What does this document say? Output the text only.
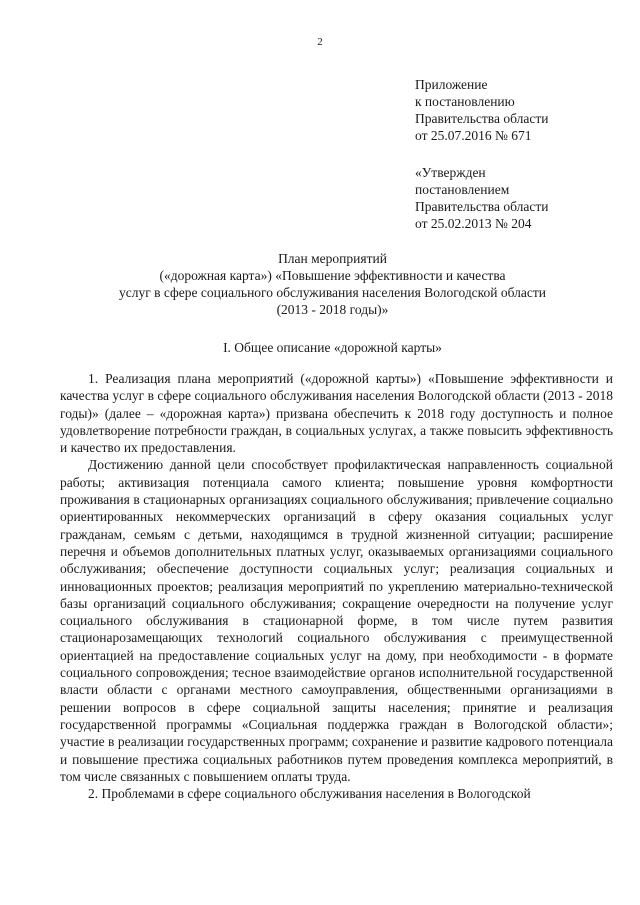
2
Приложение
к постановлению
Правительства области
от 25.07.2016 № 671
«Утвержден
постановлением
Правительства области
от 25.02.2013 № 204
План мероприятий
(«дорожная карта») «Повышение эффективности и качества
услуг в сфере социального обслуживания населения Вологодской области
(2013 - 2018 годы)»
I. Общее описание «дорожной карты»

1. Реализация плана мероприятий («дорожной карты») «Повышение эффективности и качества услуг в сфере социального обслуживания населения Вологодской области (2013 - 2018 годы)» (далее – «дорожная карта») призвана обеспечить к 2018 году доступность и полное удовлетворение потребности граждан, в социальных услугах, а также повысить эффективность и качество их предоставления.

Достижению данной цели способствует профилактическая направленность социальной работы; активизация потенциала самого клиента; повышение уровня комфортности проживания в стационарных организациях социального обслуживания; привлечение социально ориентированных некоммерческих организаций в сферу оказания социальных услуг гражданам, семьям с детьми, находящимся в трудной жизненной ситуации; расширение перечня и объемов дополнительных платных услуг, оказываемых организациями социального обслуживания; обеспечение доступности социальных услуг; реализация социальных и инновационных проектов; реализация мероприятий по укреплению материально-технической базы организаций социального обслуживания; сокращение очередности на получение услуг социального обслуживания в стационарной форме, в том числе путем развития стационарозамещающих технологий социального обслуживания с преимущественной ориентацией на предоставление социальных услуг на дому, при необходимости - в формате социального сопровождения; тесное взаимодействие органов исполнительной государственной власти области с органами местного самоуправления, общественными организациями в решении вопросов в сфере социальной защиты населения; принятие и реализация государственной программы «Социальная поддержка граждан в Вологодской области»; участие в реализации государственных программ; сохранение и развитие кадрового потенциала и повышение престижа социальных работников путем проведения комплекса мероприятий, в том числе связанных с повышением оплаты труда.

2. Проблемами в сфере социального обслуживания населения в Вологодской
